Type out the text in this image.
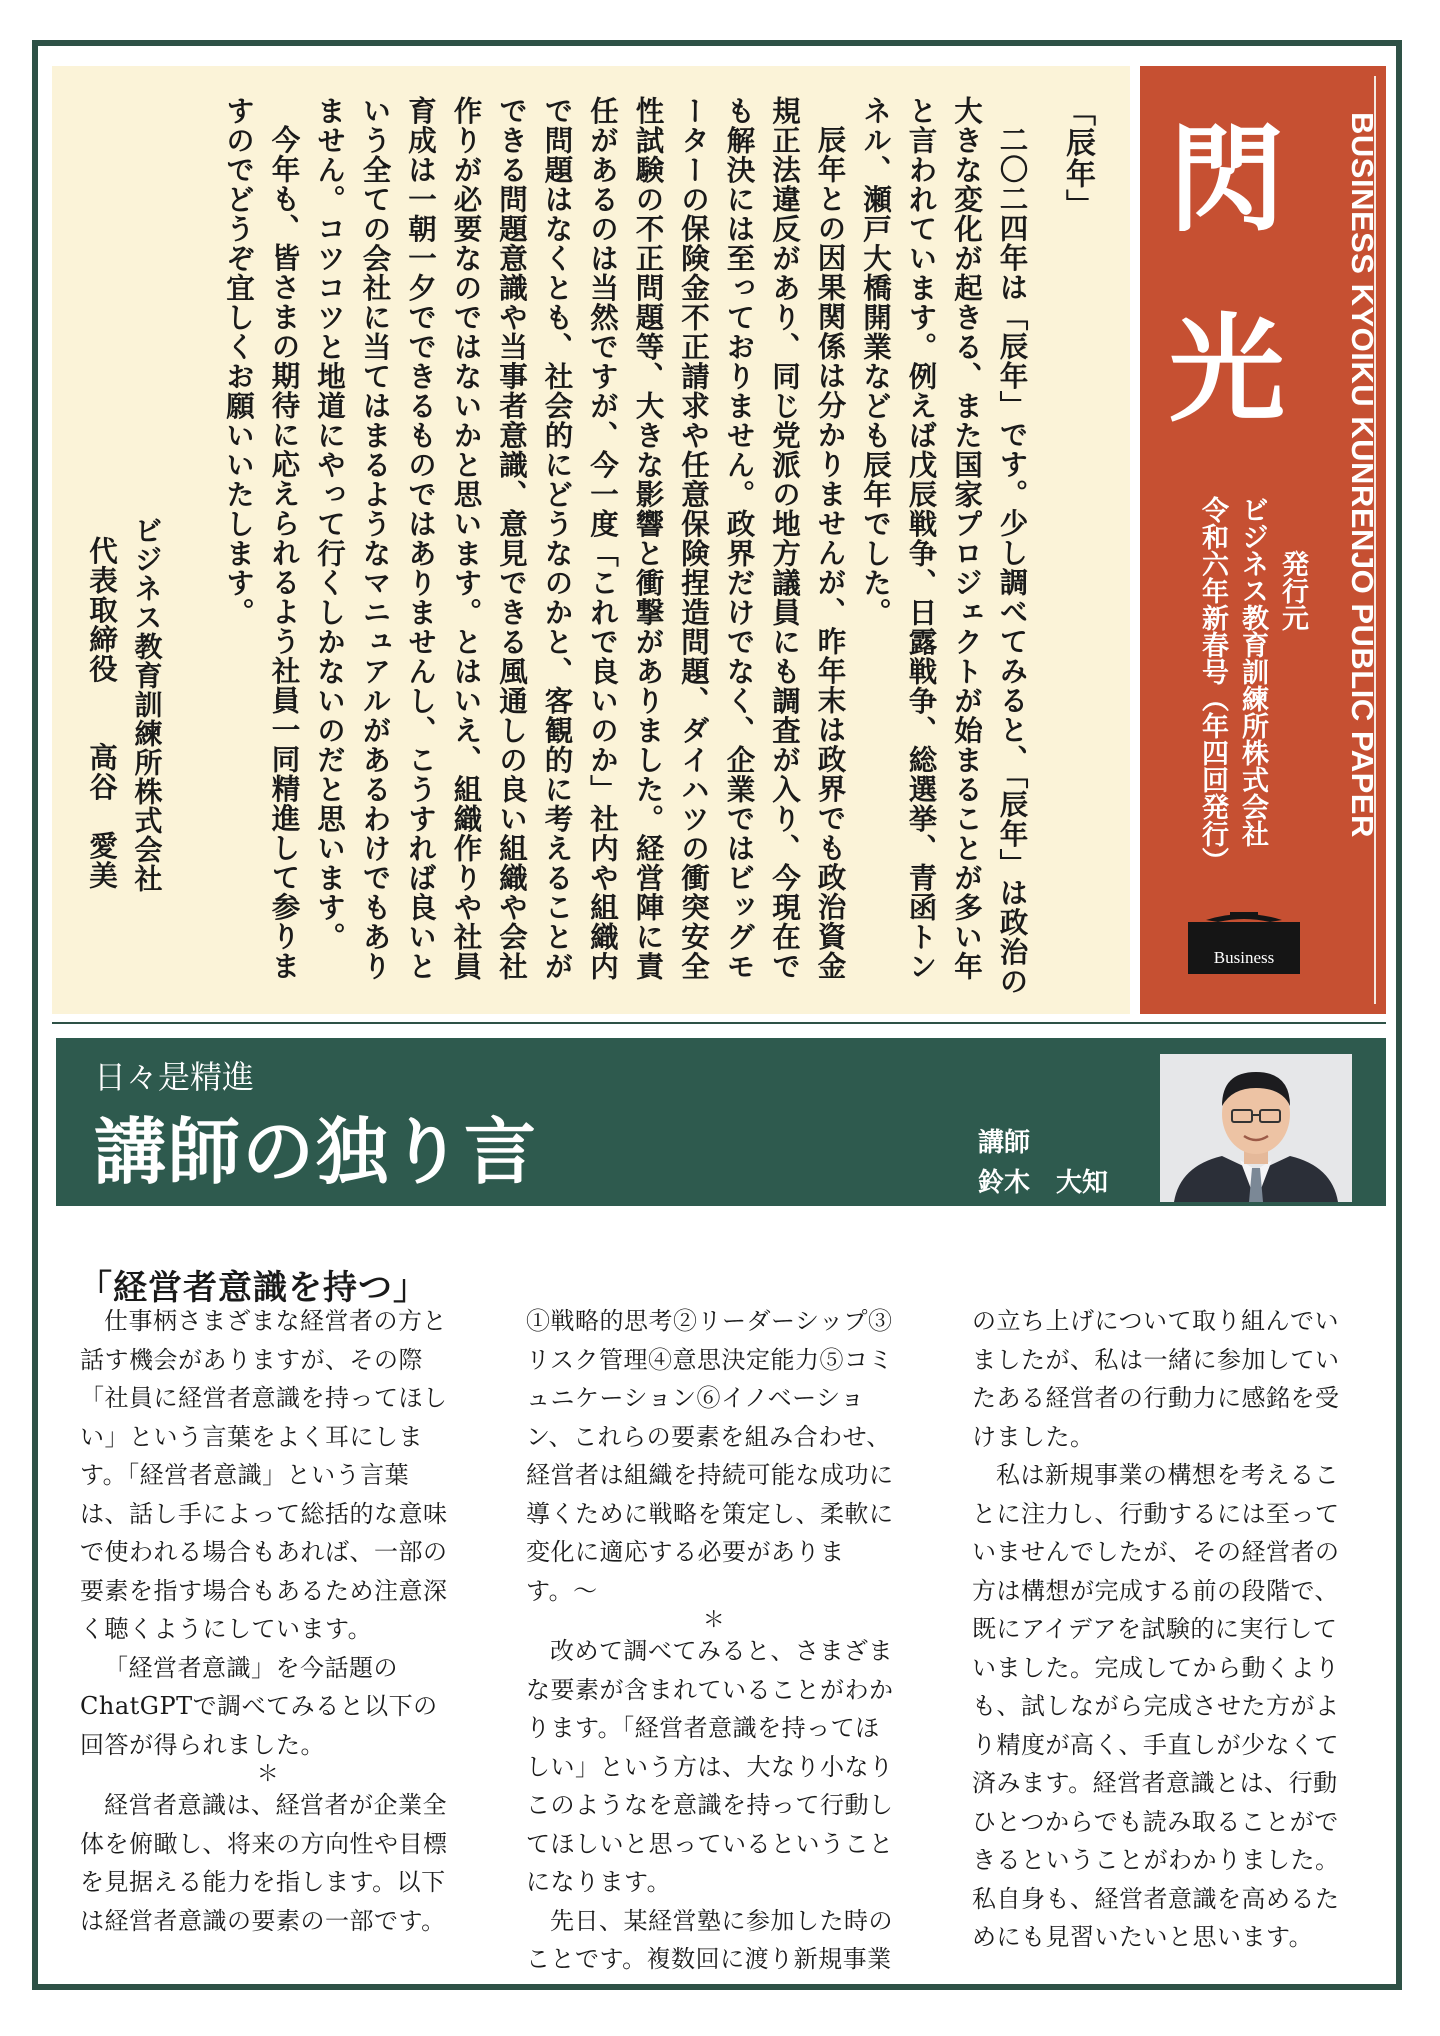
「辰年」

二〇二四年は「辰年」です。少し調べてみると、「辰年」は政治の大きな変化が起きる、また国家プロジェクトが始まることが多い年と言われています。例えば戊辰戦争、日露戦争、総選挙、青函トンネル、瀬戸大橋開業なども辰年でした。

辰年との因果関係は分かりませんが、昨年末は政界でも政治資金規正法違反があり、同じ党派の地方議員にも調査が入り、今現在でも解決には至っておりません。政界だけでなく、企業ではビッグモーターの保険金不正請求や任意保険捏造問題、ダイハツの衝突安全性試験の不正問題等、大きな影響と衝撃がありました。経営陣に責任があるのは当然ですが、今一度「これで良いのか」社内や組織内で問題はなくとも、社会的にどうなのかと、客観的に考えることができる問題意識や当事者意識、意見できる風通しの良い組織や会社作りが必要なのではないかと思います。とはいえ、組織作りや社員育成は一朝一夕でできるものではありませんし、こうすれば良いという全ての会社に当てはまるようなマニュアルがあるわけでもありません。コツコツと地道にやって行くしかないのだと思います。

今年も、皆さまの期待に応えられるよう社員一同精進して参りますのでどうぞ宜しくお願いいたします。

ビジネス教育訓練所株式会社

代表取締役　　高谷　愛美

閃
光 BUSINESS KYOIKU KUNRENJO PUBLIC PAPER

発行元

ビジネス教育訓練所株式会社

令和六年新春号（年四回発行）

Business
日々是精進
講師の独り言	講師
鈴木　大知
「経営者意識を持つ」

仕事柄さまざまな経営者の方と話す機会がありますが、その際「社員に経営者意識を持ってほしい」という言葉をよく耳にします。「経営者意識」という言葉は、話し手によって総括的な意味で使われる場合もあれば、一部の要素を指す場合もあるため注意深く聴くようにしています。

「経営者意識」を今話題のChatGPTで調べてみると以下の回答が得られました。

＊

経営者意識は、経営者が企業全体を俯瞰し、将来の方向性や目標を見据える能力を指します。以下は経営者意識の要素の一部です。

①戦略的思考②リーダーシップ③リスク管理④意思決定能力⑤コミュニケーション⑥イノベーション、これらの要素を組み合わせ、経営者は組織を持続可能な成功に導くために戦略を策定し、柔軟に変化に適応する必要があります。〜

＊

改めて調べてみると、さまざまな要素が含まれていることがわかります。「経営者意識を持ってほしい」という方は、大なり小なりこのようなを意識を持って行動してほしいと思っているということになります。

先日、某経営塾に参加した時のことです。複数回に渡り新規事業

の立ち上げについて取り組んでいましたが、私は一緒に参加していたある経営者の行動力に感銘を受けました。

私は新規事業の構想を考えることに注力し、行動するには至っていませんでしたが、その経営者の方は構想が完成する前の段階で、既にアイデアを試験的に実行していました。完成してから動くよりも、試しながら完成させた方がより精度が高く、手直しが少なくて済みます。経営者意識とは、行動ひとつからでも読み取ることができるということがわかりました。私自身も、経営者意識を高めるためにも見習いたいと思います。
